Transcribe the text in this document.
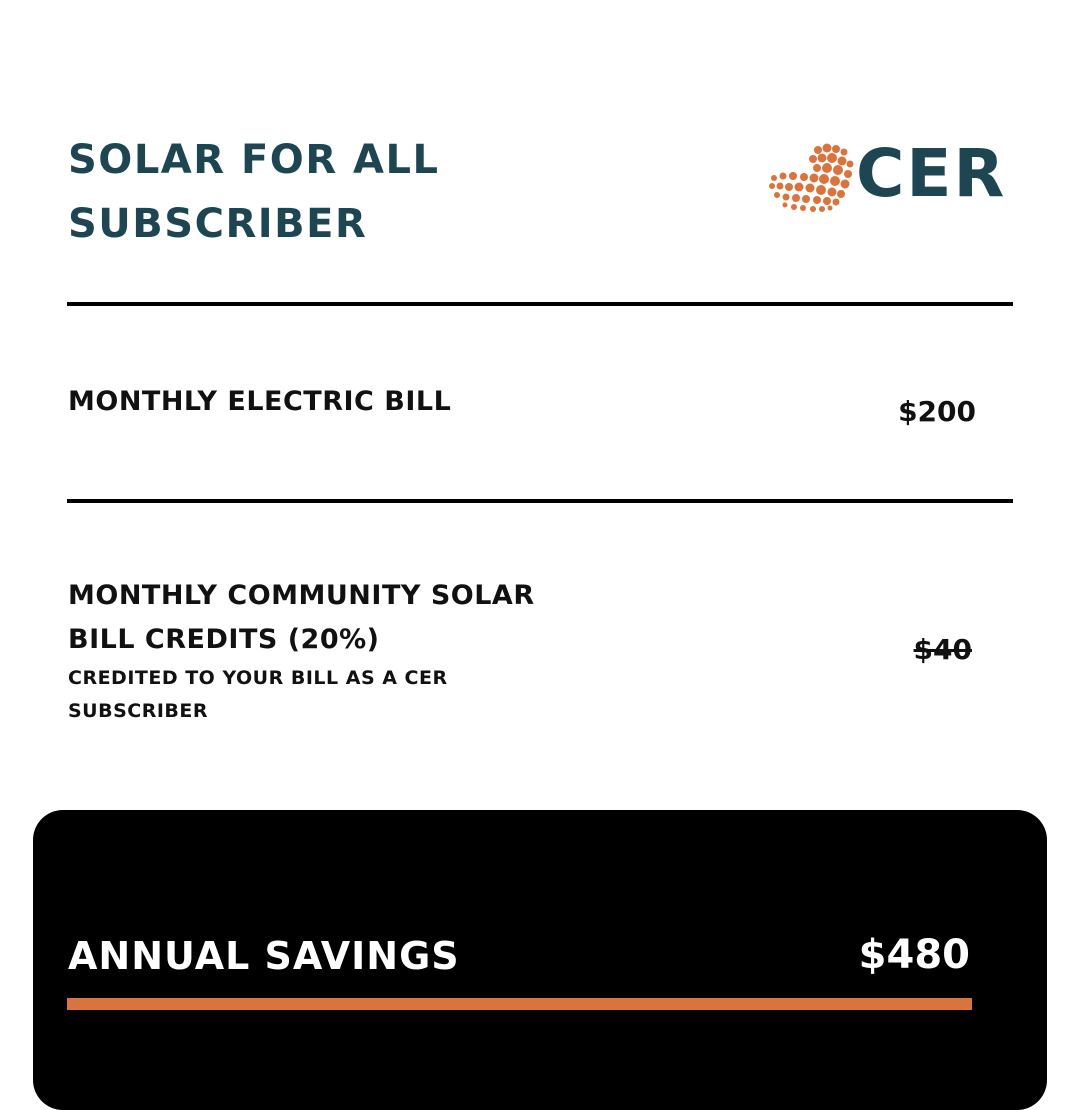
SOLAR FOR ALL SUBSCRIBER
CER

MONTHLY ELECTRIC BILL	$200

MONTHLY COMMUNITY SOLAR BILL CREDITS (20%)

CREDITED TO YOUR BILL AS A CER SUBSCRIBER

$40
ANNUAL SAVINGS	$480
